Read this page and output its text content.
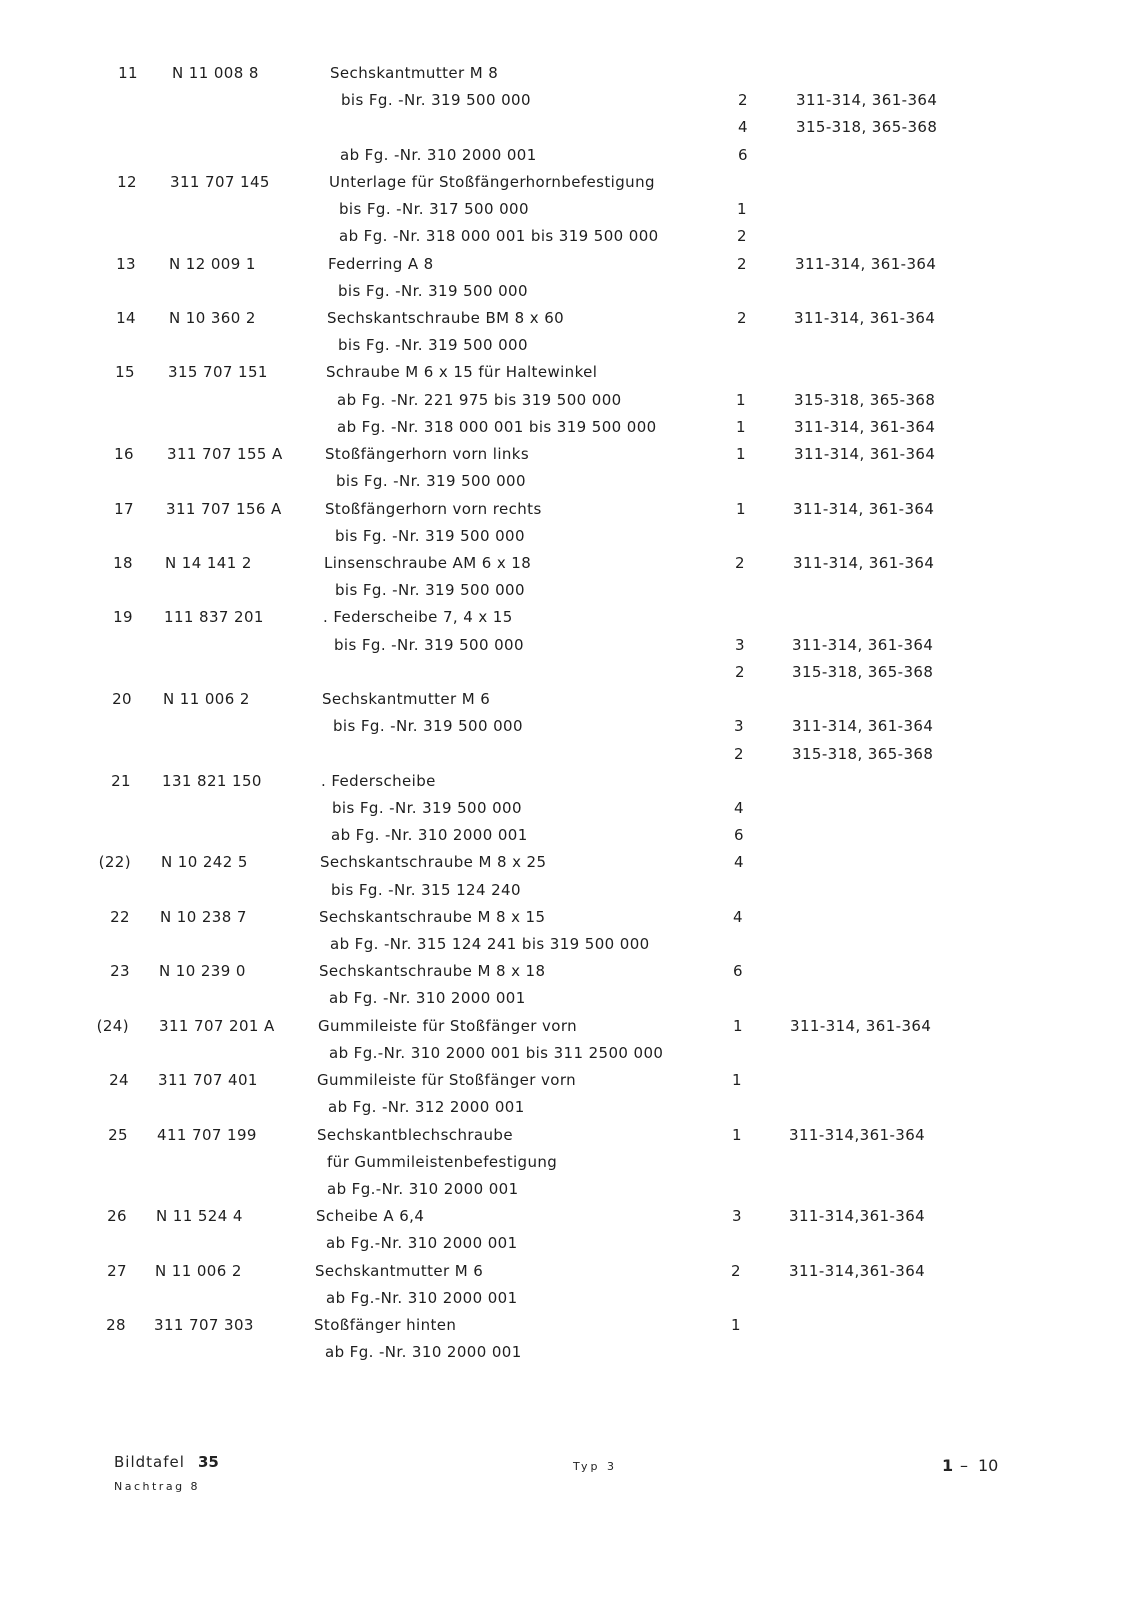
11 N 11 008 8	Sechskantmutter M 8
bis Fg. -Nr. 319 500 000	2	311-314, 361-364
4	315-318, 365-368
ab Fg. -Nr. 310 2000 001	6
12 311 707 145	Unterlage für Stoßfängerhornbefestigung
bis Fg. -Nr. 317 500 000	1
ab Fg. -Nr. 318 000 001 bis 319 500 000	2
13 N 12 009 1	Federring A 8	2	311-314, 361-364
bis Fg. -Nr. 319 500 000
14 N 10 360 2	Sechskantschraube BM 8 x 60	2	311-314, 361-364
bis Fg. -Nr. 319 500 000
15 315 707 151	Schraube M 6 x 15 für Haltewinkel
ab Fg. -Nr. 221 975 bis 319 500 000	1	315-318, 365-368
ab Fg. -Nr. 318 000 001 bis 319 500 000	1	311-314, 361-364
16 311 707 155 A	Stoßfängerhorn vorn links	1	311-314, 361-364
bis Fg. -Nr. 319 500 000
17 311 707 156 A	Stoßfängerhorn vorn rechts	1	311-314, 361-364
bis Fg. -Nr. 319 500 000
18 N 14 141 2	Linsenschraube AM 6 x 18	2	311-314, 361-364
bis Fg. -Nr. 319 500 000
19 111 837 201	. Federscheibe 7, 4 x 15
bis Fg. -Nr. 319 500 000	3	311-314, 361-364
2	315-318, 365-368
20 N 11 006 2	Sechskantmutter M 6
bis Fg. -Nr. 319 500 000	3	311-314, 361-364
2	315-318, 365-368
21 131 821 150	. Federscheibe
bis Fg. -Nr. 319 500 000	4
ab Fg. -Nr. 310 2000 001	6
(22) N 10 242 5	Sechskantschraube M 8 x 25	4
bis Fg. -Nr. 315 124 240
22 N 10 238 7	Sechskantschraube M 8 x 15	4
ab Fg. -Nr. 315 124 241 bis 319 500 000
23 N 10 239 0	Sechskantschraube M 8 x 18	6
ab Fg. -Nr. 310 2000 001
(24) 311 707 201 A	Gummileiste für Stoßfänger vorn	1	311-314, 361-364
ab Fg.-Nr. 310 2000 001 bis 311 2500 000
24 311 707 401	Gummileiste für Stoßfänger vorn	1
ab Fg. -Nr. 312 2000 001
25 411 707 199	Sechskantblechschraube	1	311-314,361-364
für Gummileistenbefestigung
ab Fg.-Nr. 310 2000 001
26 N 11 524 4	Scheibe A 6,4	3	311-314,361-364
ab Fg.-Nr. 310 2000 001
27 N 11 006 2	Sechskantmutter M 6	2	311-314,361-364
ab Fg.-Nr. 310 2000 001
28 311 707 303	Stoßfänger hinten	1
ab Fg. -Nr. 310 2000 001
Bildtafel 35
Nachtrag 8
Typ 3	1 – 10
